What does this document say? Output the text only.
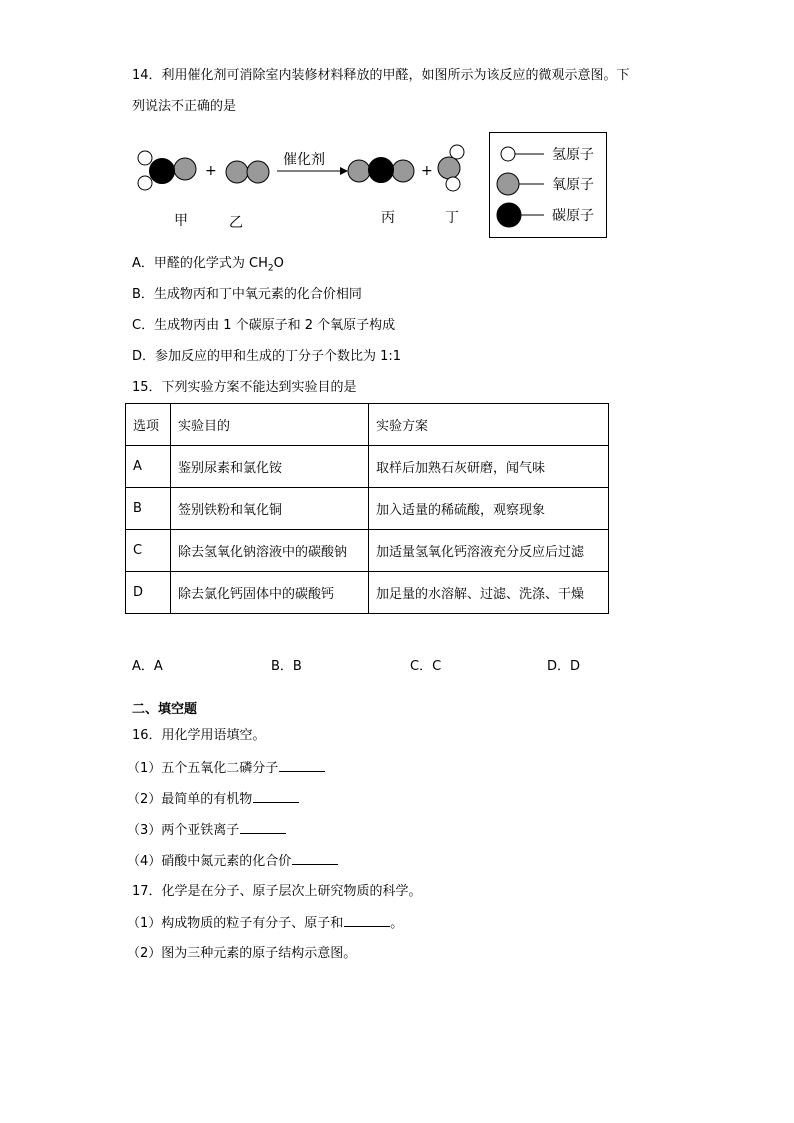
14．利用催化剂可消除室内装修材料释放的甲醛，如图所示为该反应的微观示意图。下
列说法不正确的是
+
催化剂
+
甲	乙	丙	丁
氢原子
氧原子
碳原子
A．甲醛的化学式为 $CH_2O$
B．生成物丙和丁中氧元素的化合价相同
C．生成物丙由 1 个碳原子和 2 个氧原子构成
D．参加反应的甲和生成的丁分子个数比为 1:1
15．下列实验方案不能达到实验目的是
选项	实验目的	实验方案
A	鉴别尿素和氯化铵	取样后加熟石灰研磨，闻气味
B	签别铁粉和氧化铜	加入适量的稀硫酸，观察现象
C	除去氢氧化钠溶液中的碳酸钠	加适量氢氧化钙溶液充分反应后过滤
D	除去氯化钙固体中的碳酸钙	加足量的水溶解、过滤、洗涤、干燥
A．A	B．B	C．C	D．D
二、填空题
16．用化学用语填空。
（1）五个五氧化二磷分子
（2）最简单的有机物
（3）两个亚铁离子
（4）硝酸中氮元素的化合价
17．化学是在分子、原子层次上研究物质的科学。
（1）构成物质的粒子有分子、原子和	。
（2）图为三种元素的原子结构示意图。
